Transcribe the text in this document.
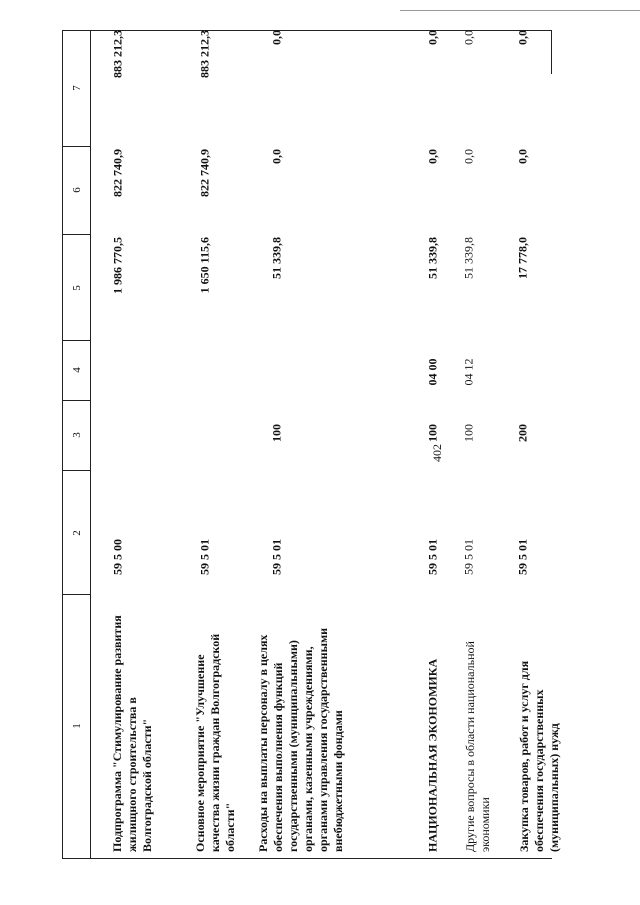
402
1
2
3
4
5
6
7
Подпрограмма "Стимулирование развития жилищного строительства в Волгоградской области"
59 5 00
1 986 770,5
822 740,9
883 212,3
Основное мероприятие "Улучшение качества жизни граждан Волгоградской области"
59 5 01
1 650 115,6
822 740,9
883 212,3
Расходы на выплаты персоналу в целях обеспечения выполнения функций государственными (муниципальными) органами, казенными учреждениями, органами управления государственными внебюджетными фондами
59 5 01
100
51 339,8
0,0
0,0
НАЦИОНАЛЬНАЯ ЭКОНОМИКА
59 5 01
100
04 00
51 339,8
0,0
0,0
Другие вопросы в области национальной экономики
59 5 01
100
04 12
51 339,8
0,0
0,0
Закупка товаров, работ и услуг для обеспечения государственных (муниципальных) нужд
59 5 01
200
17 778,0
0,0
0,0
